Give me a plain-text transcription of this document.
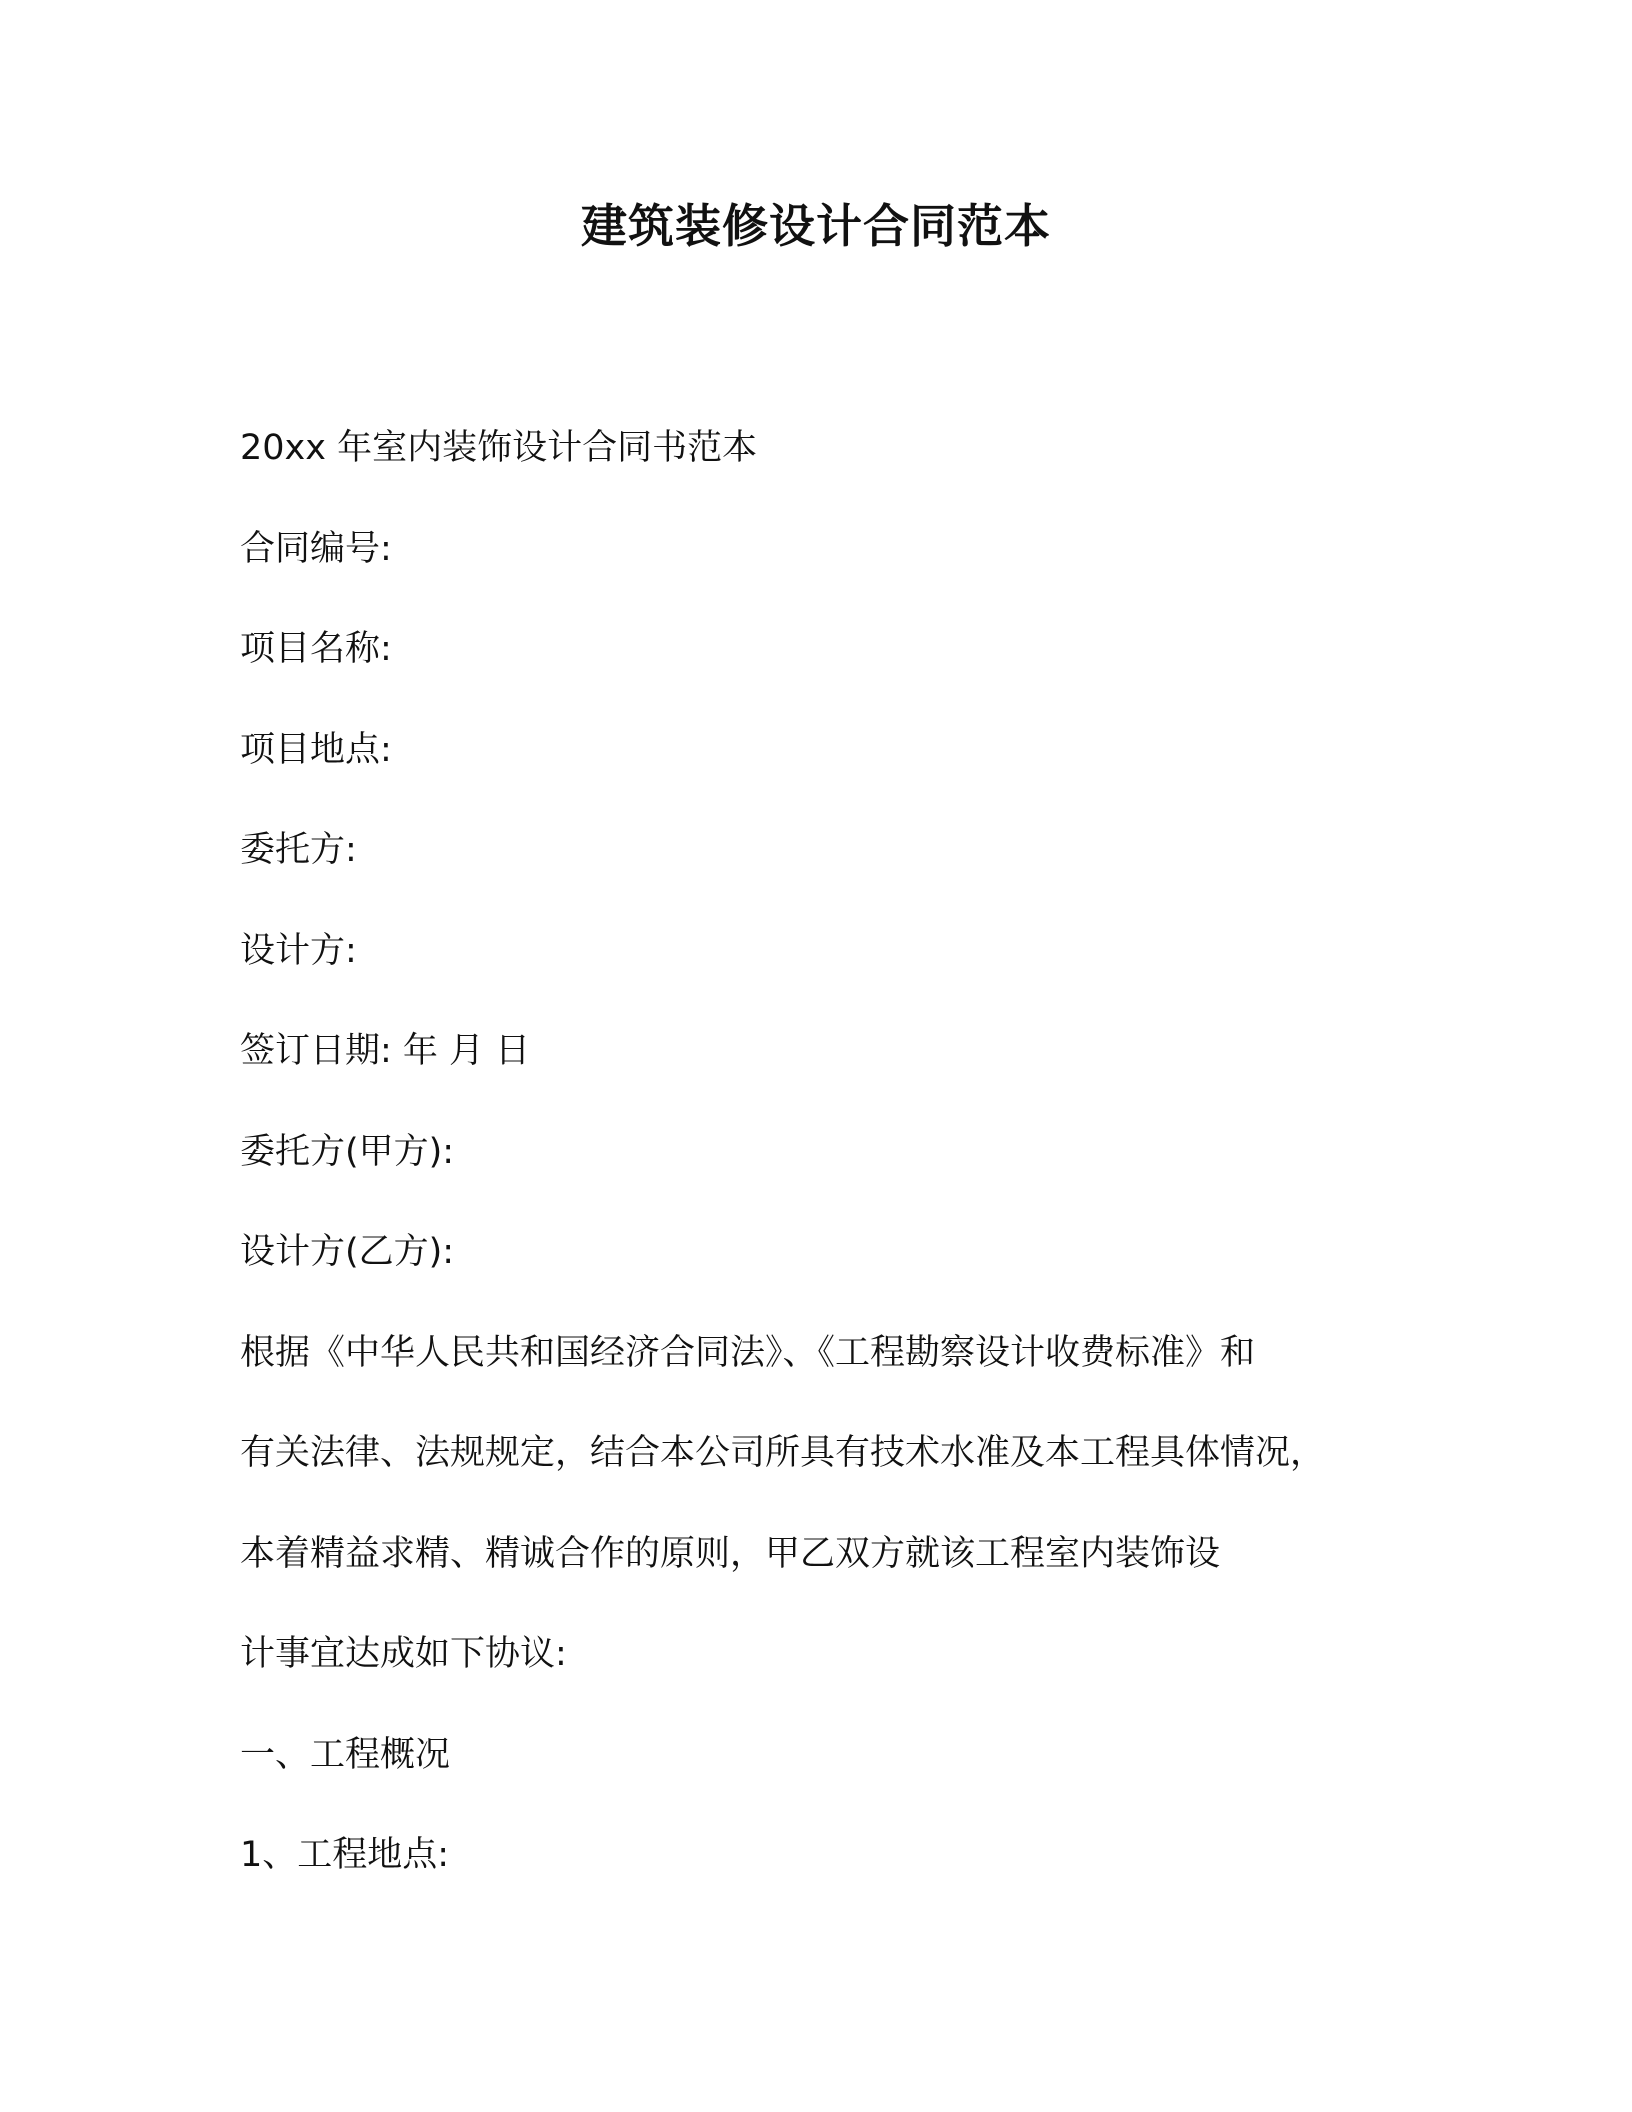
建筑装修设计合同范本

20xx 年室内装饰设计合同书范本

合同编号:

项目名称:

项目地点:

委托方:

设计方:

签订日期: 年 月 日

委托方(甲方):

设计方(乙方):

根据《中华人民共和国经济合同法》、《工程勘察设计收费标准》和

有关法律、法规规定，结合本公司所具有技术水准及本工程具体情况，

本着精益求精、精诚合作的原则，甲乙双方就该工程室内装饰设

计事宜达成如下协议:

一、工程概况

1、工程地点:
